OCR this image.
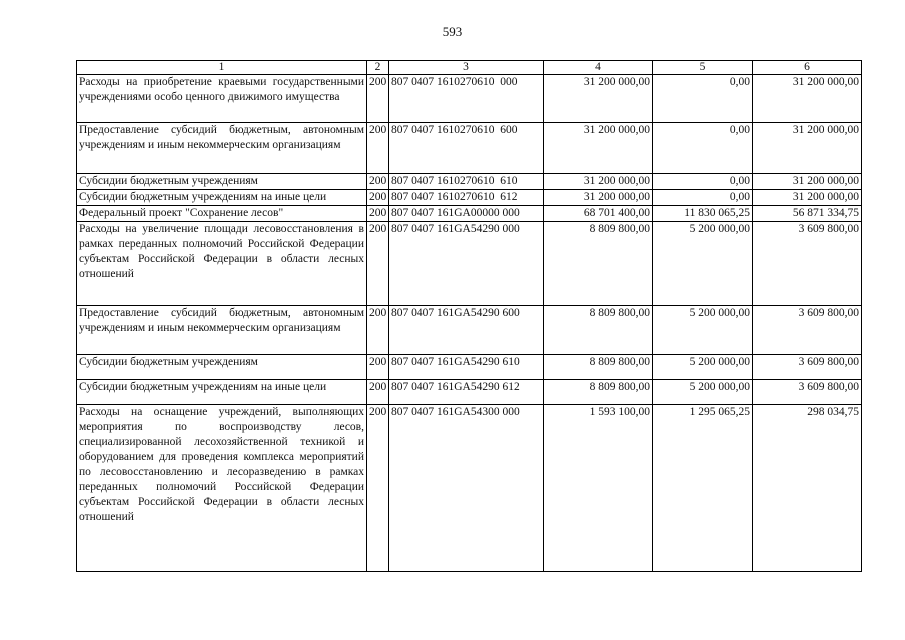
593
1	2	3	4	5	6
Расходы на приобретение краевыми государственными учреждениями особо ценного движимого имущества	200	807 0407 1610270610  000	31 200 000,00	0,00	31 200 000,00
Предоставление субсидий бюджетным, автономным учреждениям и иным некоммерческим организациям	200	807 0407 1610270610  600	31 200 000,00	0,00	31 200 000,00
Субсидии бюджетным учреждениям	200	807 0407 1610270610  610	31 200 000,00	0,00	31 200 000,00
Субсидии бюджетным учреждениям на иные цели	200	807 0407 1610270610  612	31 200 000,00	0,00	31 200 000,00
Федеральный проект "Сохранение лесов"	200	807 0407 161GA00000 000	68 701 400,00	11 830 065,25	56 871 334,75
Расходы на увеличение площади лесовосстановления в рамках переданных полномочий Российской Федерации субъектам Российской Федерации в области лесных отношений	200	807 0407 161GA54290 000	8 809 800,00	5 200 000,00	3 609 800,00
Предоставление субсидий бюджетным, автономным учреждениям и иным некоммерческим организациям	200	807 0407 161GA54290 600	8 809 800,00	5 200 000,00	3 609 800,00
Субсидии бюджетным учреждениям	200	807 0407 161GA54290 610	8 809 800,00	5 200 000,00	3 609 800,00
Субсидии бюджетным учреждениям на иные цели	200	807 0407 161GA54290 612	8 809 800,00	5 200 000,00	3 609 800,00
Расходы на оснащение учреждений, выполняющих мероприятия по воспроизводству лесов, специализированной лесохозяйственной техникой и оборудованием для проведения комплекса мероприятий по лесовосстановлению и лесоразведению в рамках переданных полномочий Российской Федерации субъектам Российской Федерации в области лесных отношений	200	807 0407 161GA54300 000	1 593 100,00	1 295 065,25	298 034,75
